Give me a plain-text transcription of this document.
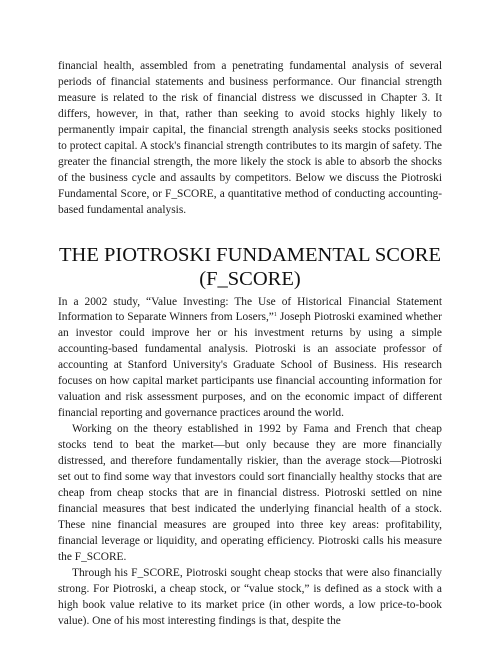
financial health, assembled from a penetrating fundamental analysis of several periods of financial statements and business performance. Our financial strength measure is related to the risk of financial distress we discussed in Chapter 3. It differs, however, in that, rather than seeking to avoid stocks highly likely to permanently impair capital, the financial strength analysis seeks stocks positioned to protect capital. A stock's financial strength contributes to its margin of safety. The greater the financial strength, the more likely the stock is able to absorb the shocks of the business cycle and assaults by competitors. Below we discuss the Piotroski Fundamental Score, or F_SCORE, a quantitative method of conducting accounting-based fundamental analysis.

THE PIOTROSKI FUNDAMENTAL SCORE
(F_SCORE)

In a 2002 study, “Value Investing: The Use of Historical Financial Statement Information to Separate Winners from Losers,”$^1$ Joseph Piotroski examined whether an investor could improve her or his investment returns by using a simple accounting-based fundamental analysis. Piotroski is an associate professor of accounting at Stanford University's Graduate School of Business. His research focuses on how capital market participants use financial accounting information for valuation and risk assessment purposes, and on the economic impact of different financial reporting and governance practices around the world.

Working on the theory established in 1992 by Fama and French that cheap stocks tend to beat the market—but only because they are more financially distressed, and therefore fundamentally riskier, than the average stock—Piotroski set out to find some way that investors could sort financially healthy stocks that are cheap from cheap stocks that are in financial distress. Piotroski settled on nine financial measures that best indicated the underlying financial health of a stock. These nine financial measures are grouped into three key areas: profitability, financial leverage or liquidity, and operating efficiency. Piotroski calls his measure the F_SCORE.

Through his F_SCORE, Piotroski sought cheap stocks that were also financially strong. For Piotroski, a cheap stock, or “value stock,” is defined as a stock with a high book value relative to its market price (in other words, a low price-to-book value). One of his most interesting findings is that, despite the
